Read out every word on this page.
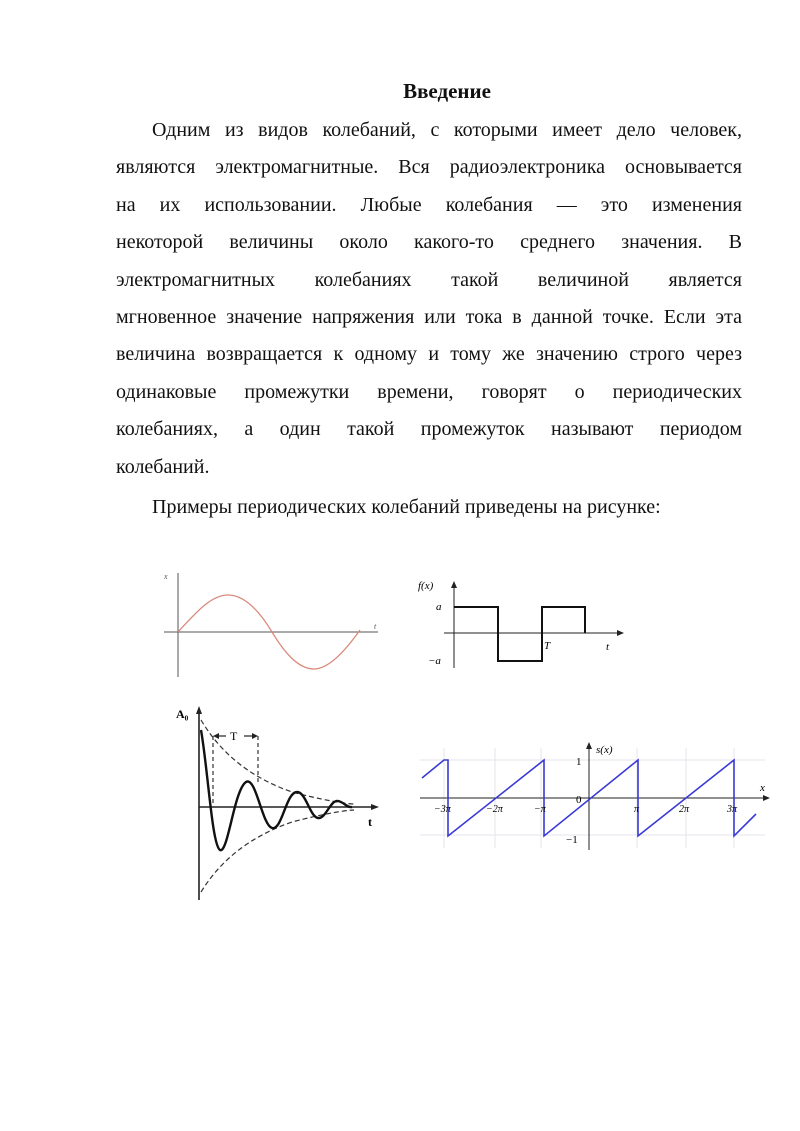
Введение
Одним из видов колебаний, с которыми имеет дело человек,
являются электромагнитные. Вся радиоэлектроника основывается
на их использовании. Любые колебания — это изменения
некоторой величины около какого-то среднего значения. В
электромагнитных колебаниях такой величиной является
мгновенное значение напряжения или тока в данной точке. Если эта
величина возвращается к одному и тому же значению строго через
одинаковые промежутки времени, говорят о периодических
колебаниях, а один такой промежуток называют периодом
колебаний.
Примеры периодических колебаний приведены на рисунке:
x
t
f(x)
a
−a
T	t
T
A₀
t
s(x)
x
1
0
−1
−3π	−2π	−π	π	2π	3π
